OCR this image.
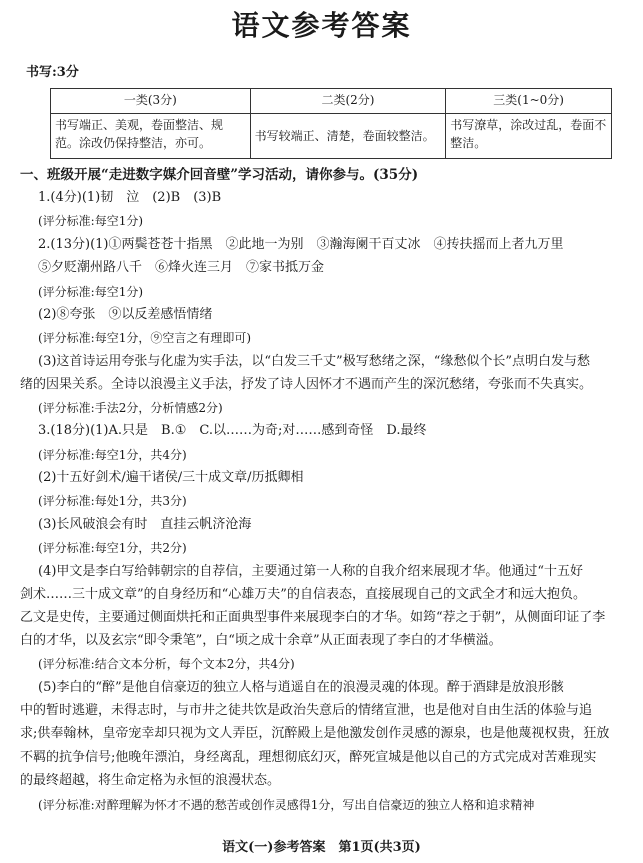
语文参考答案
书写:3分
一类(3分)	二类(2分)	三类(1~0分)
书写端正、美观，卷面整洁、规范。涂改仍保持整洁，亦可。	书写较端正、清楚，卷面较整洁。	书写潦草，涂改过乱，卷面不整洁。
一、班级开展“走进数字媒介回音壁”学习活动，请你参与。(35分)
1.(4分)(1)韧　泣　(2)B　(3)B
(评分标准:每空1分)
2.(13分)(1)①两鬓苍苍十指黑　②此地一为别　③瀚海阑干百丈冰　④抟扶摇而上者九万里
⑤夕贬潮州路八千　⑥烽火连三月　⑦家书抵万金
(评分标准:每空1分)
(2)⑧夸张　⑨以反差感悟情绪
(评分标准:每空1分，⑨空言之有理即可)
(3)这首诗运用夸张与化虚为实手法，以“白发三千丈”极写愁绪之深，“缘愁似个长”点明白发与愁
绪的因果关系。全诗以浪漫主义手法，抒发了诗人因怀才不遇而产生的深沉愁绪，夸张而不失真实。
(评分标准:手法2分，分析情感2分)
3.(18分)(1)A.只是　B.①　C.以……为奇;对……感到奇怪　D.最终
(评分标准:每空1分，共4分)
(2)十五好剑术/遍干诸侯/三十成文章/历抵卿相
(评分标准:每处1分，共3分)
(3)长风破浪会有时　直挂云帆济沧海
(评分标准:每空1分，共2分)
(4)甲文是李白写给韩朝宗的自荐信，主要通过第一人称的自我介绍来展现才华。他通过“十五好
剑术……三十成文章”的自身经历和“心雄万夫”的自信表态，直接展现自己的文武全才和远大抱负。
乙文是史传，主要通过侧面烘托和正面典型事件来展现李白的才华。如筠“荐之于朝”，从侧面印证了李
白的才华，以及玄宗“即令秉笔”，白“顷之成十余章”从正面表现了李白的才华横溢。
(评分标准:结合文本分析，每个文本2分，共4分)
(5)李白的“醉”是他自信豪迈的独立人格与逍遥自在的浪漫灵魂的体现。醉于酒肆是放浪形骸
中的暂时逃避，未得志时，与市井之徒共饮是政治失意后的情绪宣泄，也是他对自由生活的体验与追
求;供奉翰林，皇帝宠幸却只视为文人弄臣，沉醉殿上是他激发创作灵感的源泉，也是他蔑视权贵，狂放
不羁的抗争信号;他晚年漂泊，身经离乱，理想彻底幻灭，醉死宣城是他以自己的方式完成对苦难现实
的最终超越，将生命定格为永恒的浪漫状态。
(评分标准:对醉理解为怀才不遇的愁苦或创作灵感得1分，写出自信豪迈的独立人格和追求精神
语文(一)参考答案　第1页(共3页)
